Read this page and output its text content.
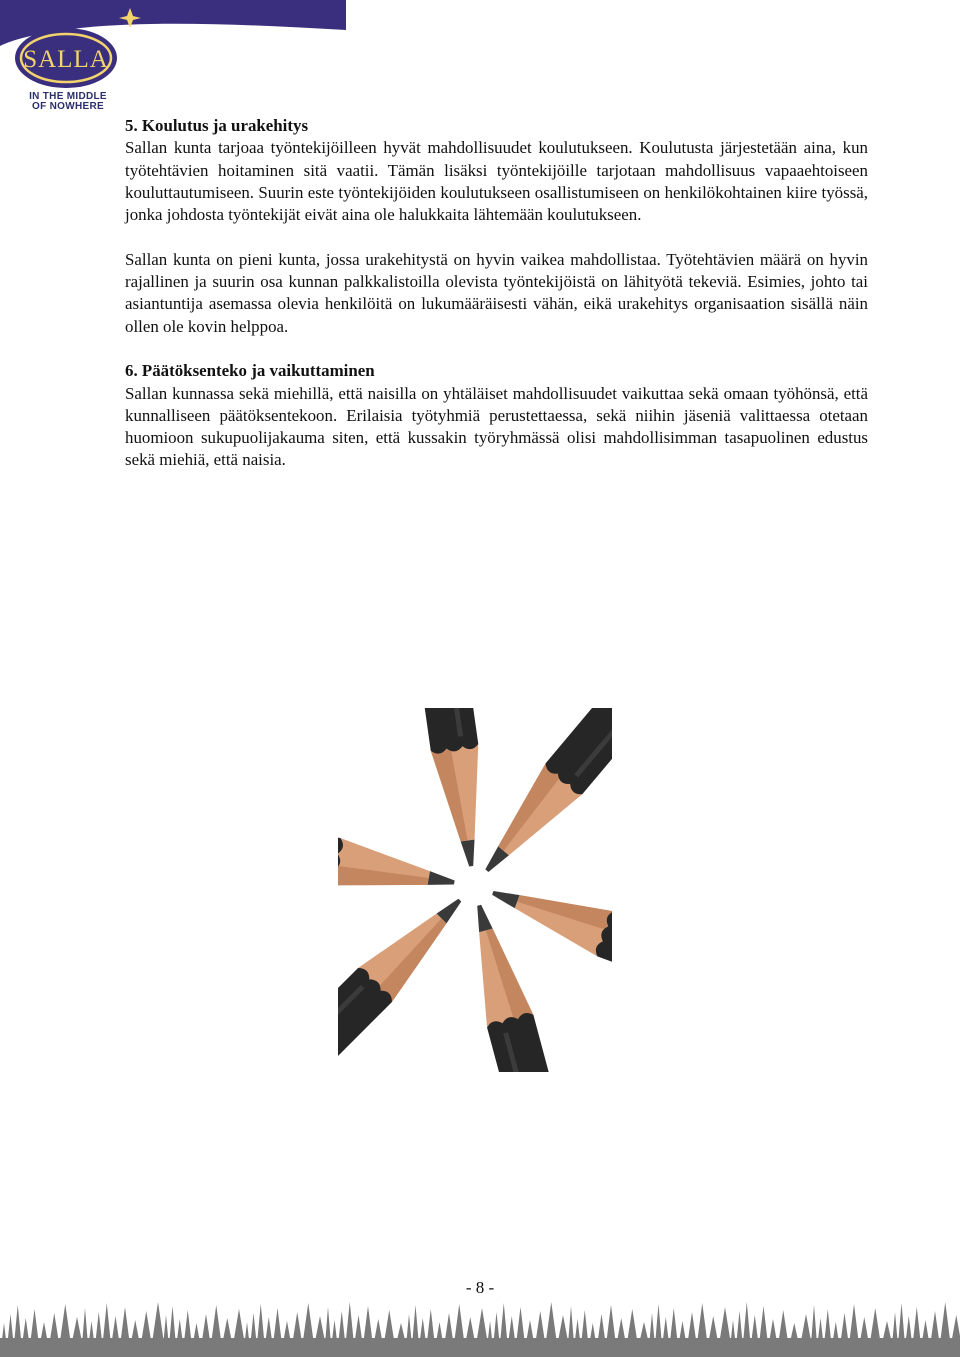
SALLA
IN THE MIDDLE
OF NOWHERE
5. Koulutus ja urakehitys

Sallan kunta tarjoaa työntekijöilleen hyvät mahdollisuudet koulutukseen. Koulutusta järjestetään aina, kun työtehtävien hoitaminen sitä vaatii. Tämän lisäksi työntekijöille tarjotaan mahdollisuus vapaaehtoiseen kouluttautumiseen. Suurin este työntekijöiden koulutukseen osallistumiseen on henkilökohtainen kiire työssä, jonka johdosta työntekijät eivät aina ole halukkaita lähtemään koulutukseen.

Sallan kunta on pieni kunta, jossa urakehitystä on hyvin vaikea mahdollistaa. Työtehtävien määrä on hyvin rajallinen ja suurin osa kunnan palkkalistoilla olevista työntekijöistä on lähityötä tekeviä. Esimies, johto tai asiantuntija asemassa olevia henkilöitä on lukumääräisesti vähän, eikä urakehitys organisaation sisällä näin ollen ole kovin helppoa.

6. Päätöksenteko ja vaikuttaminen

Sallan kunnassa sekä miehillä, että naisilla on yhtäläiset mahdollisuudet vaikuttaa sekä omaan työhönsä, että kunnalliseen päätöksentekoon. Erilaisia työtyhmiä perustettaessa, sekä niihin jäseniä valittaessa otetaan huomioon sukupuolijakauma siten, että kussakin työryhmässä olisi mahdollisimman tasapuolinen edustus sekä miehiä, että naisia.

- 8 -
